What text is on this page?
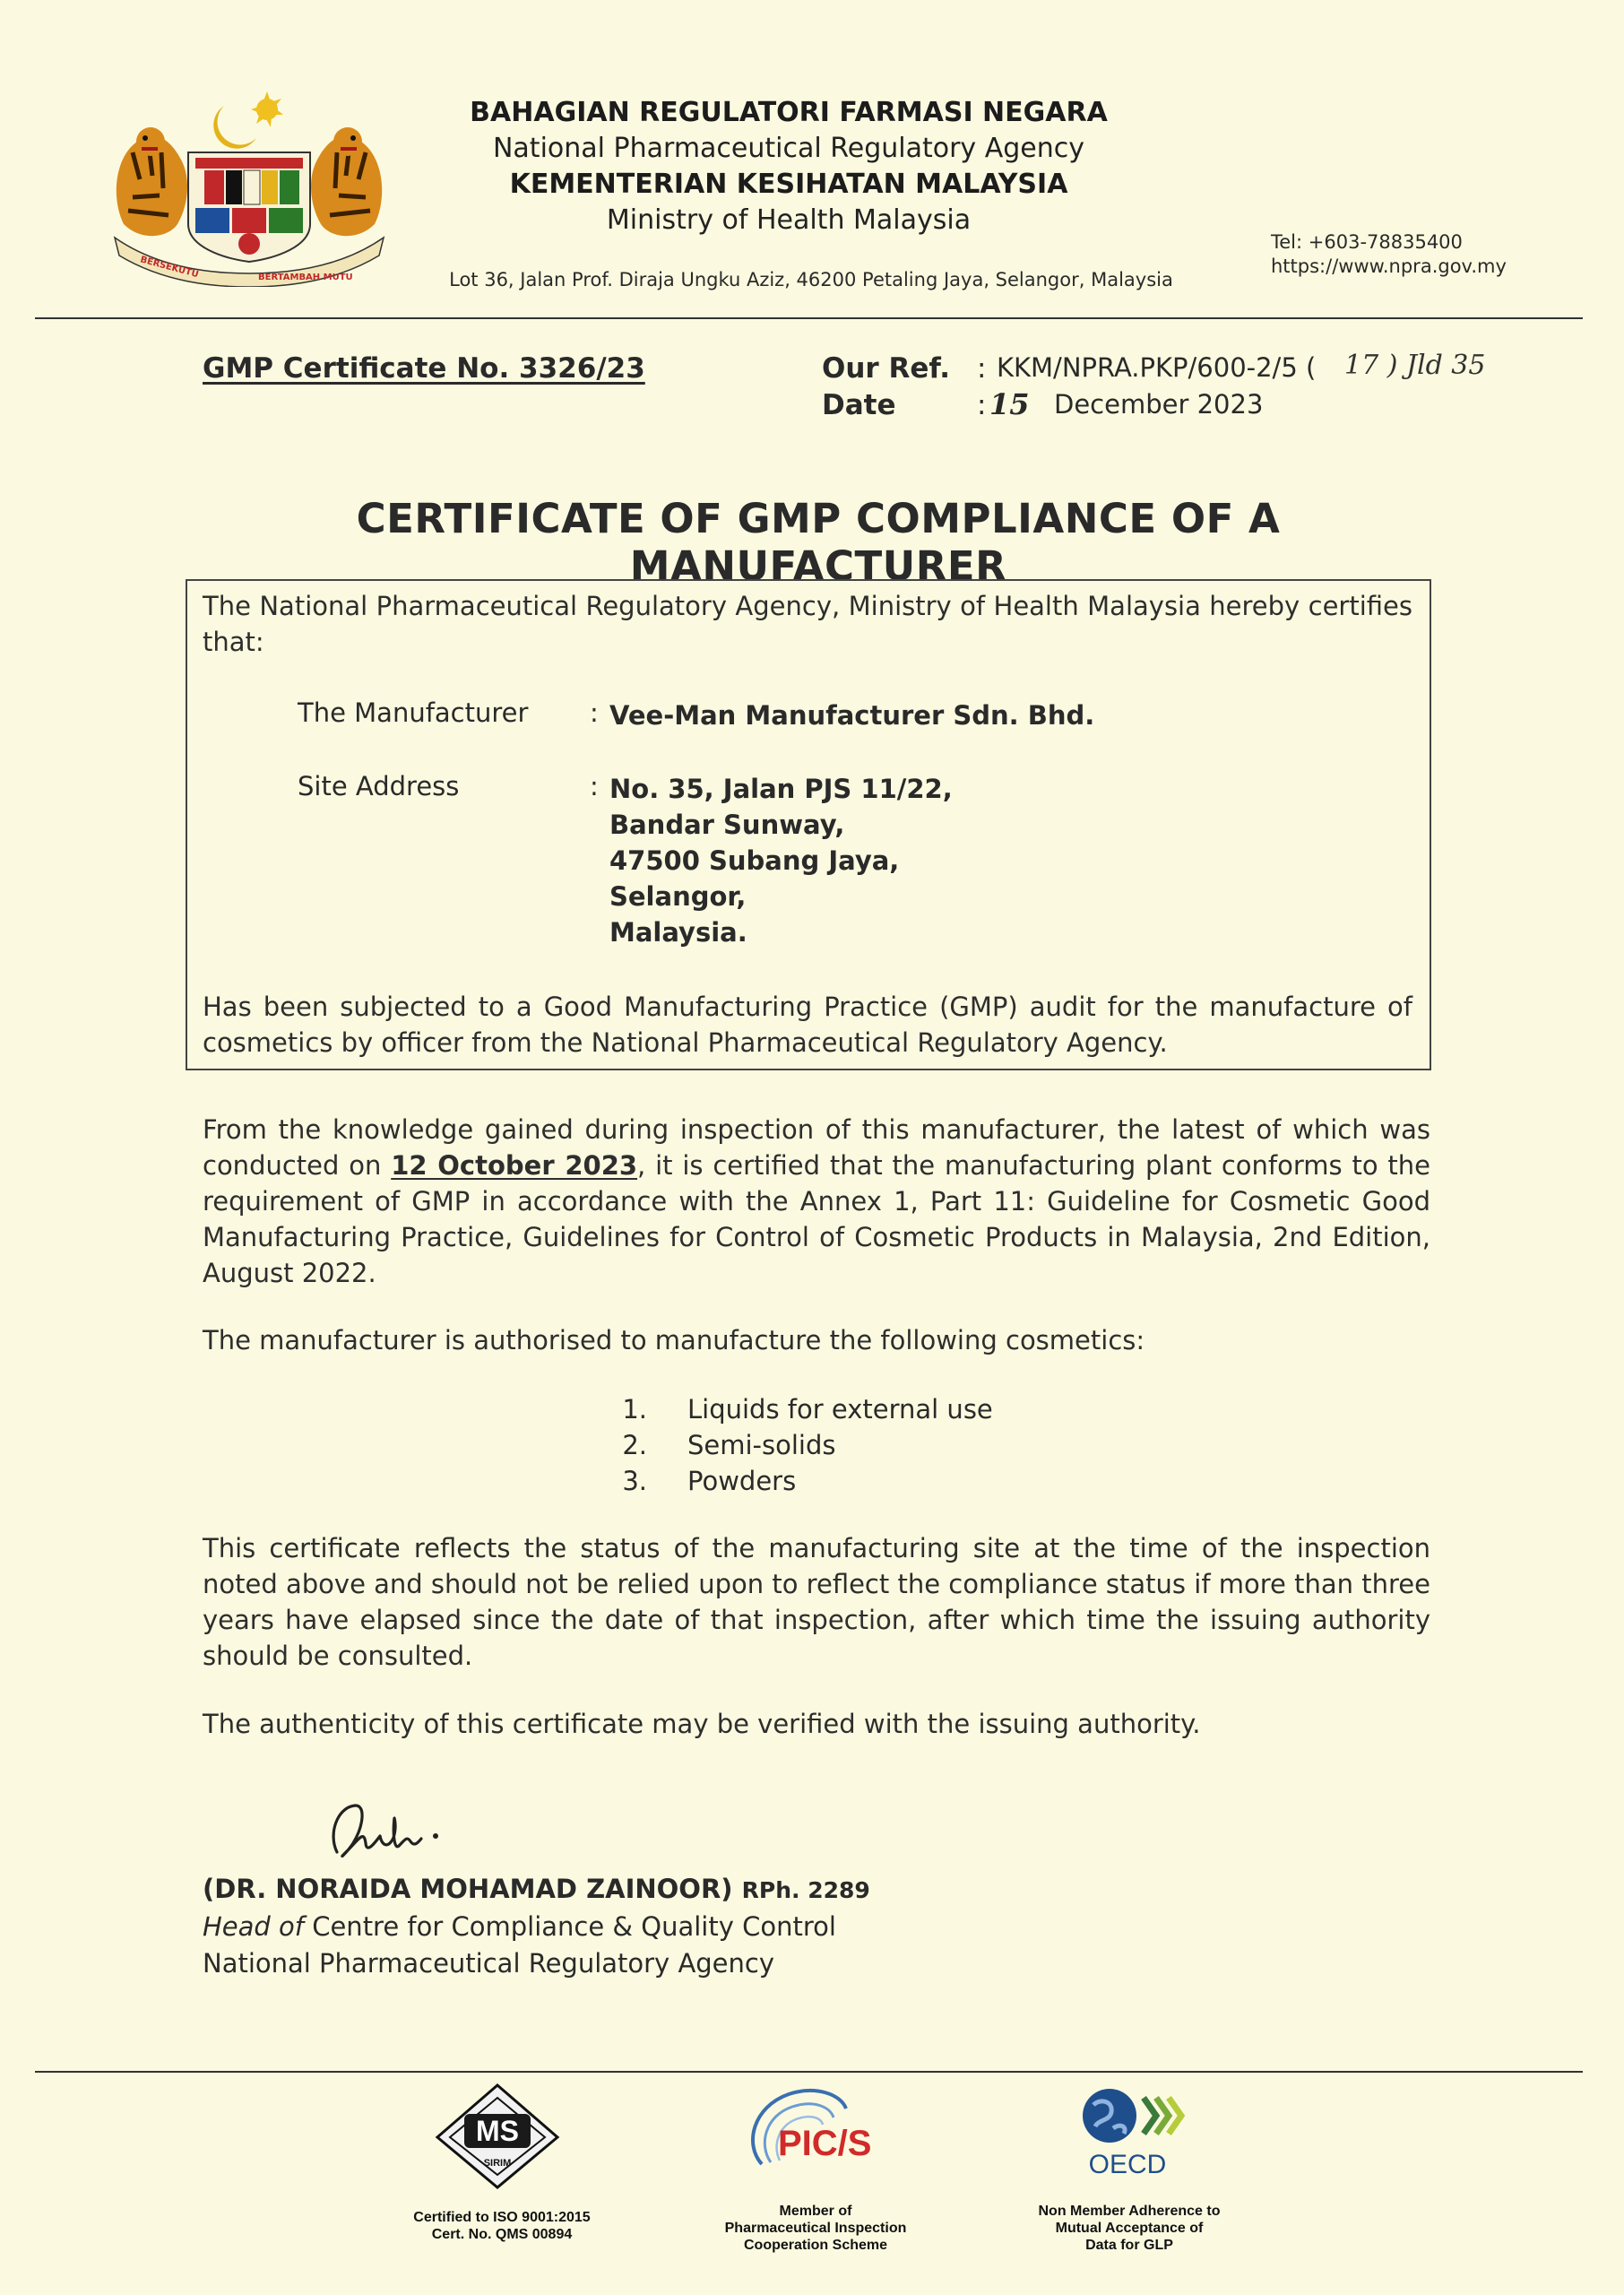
BERSEKUTU	BERTAMBAH MUTU
BAHAGIAN REGULATORI FARMASI NEGARA
National Pharmaceutical Regulatory Agency
KEMENTERIAN KESIHATAN MALAYSIA
Ministry of Health Malaysia
Lot 36, Jalan Prof. Diraja Ungku Aziz, 46200 Petaling Jaya, Selangor, Malaysia
Tel: +603-78835400
https://www.npra.gov.my
GMP Certificate No. 3326/23	Our Ref. : KKM/NPRA.PKP/600-2/5 ( 17 ) Jld 35
Date	: 15 December 2023
CERTIFICATE OF GMP COMPLIANCE OF A MANUFACTURER
The National Pharmaceutical Regulatory Agency, Ministry of Health Malaysia hereby certifies that:
The Manufacturer : Vee-Man Manufacturer Sdn. Bhd.
Site Address	: No. 35, Jalan PJS 11/22,
Bandar Sunway,
47500 Subang Jaya,
Selangor,
Malaysia.
Has been subjected to a Good Manufacturing Practice (GMP) audit for the manufacture of cosmetics by officer from the National Pharmaceutical Regulatory Agency.
From the knowledge gained during inspection of this manufacturer, the latest of which was conducted on 12 October 2023, it is certified that the manufacturing plant conforms to the requirement of GMP in accordance with the Annex 1, Part 11: Guideline for Cosmetic Good Manufacturing Practice, Guidelines for Control of Cosmetic Products in Malaysia, 2nd Edition, August 2022.
The manufacturer is authorised to manufacture the following cosmetics:
1. Liquids for external use
2. Semi-solids
3. Powders
This certificate reflects the status of the manufacturing site at the time of the inspection noted above and should not be relied upon to reflect the compliance status if more than three years have elapsed since the date of that inspection, after which time the issuing authority should be consulted.
The authenticity of this certificate may be verified with the issuing authority.
(DR. NORAIDA MOHAMAD ZAINOOR) RPh. 2289
Head of Centre for Compliance & Quality Control
National Pharmaceutical Regulatory Agency
MS
SIRIM
Certified to ISO 9001:2015
Cert. No. QMS 00894
PIC/S
Member of
Pharmaceutical Inspection
Cooperation Scheme
OECD
Non Member Adherence to
Mutual Acceptance of
Data for GLP
